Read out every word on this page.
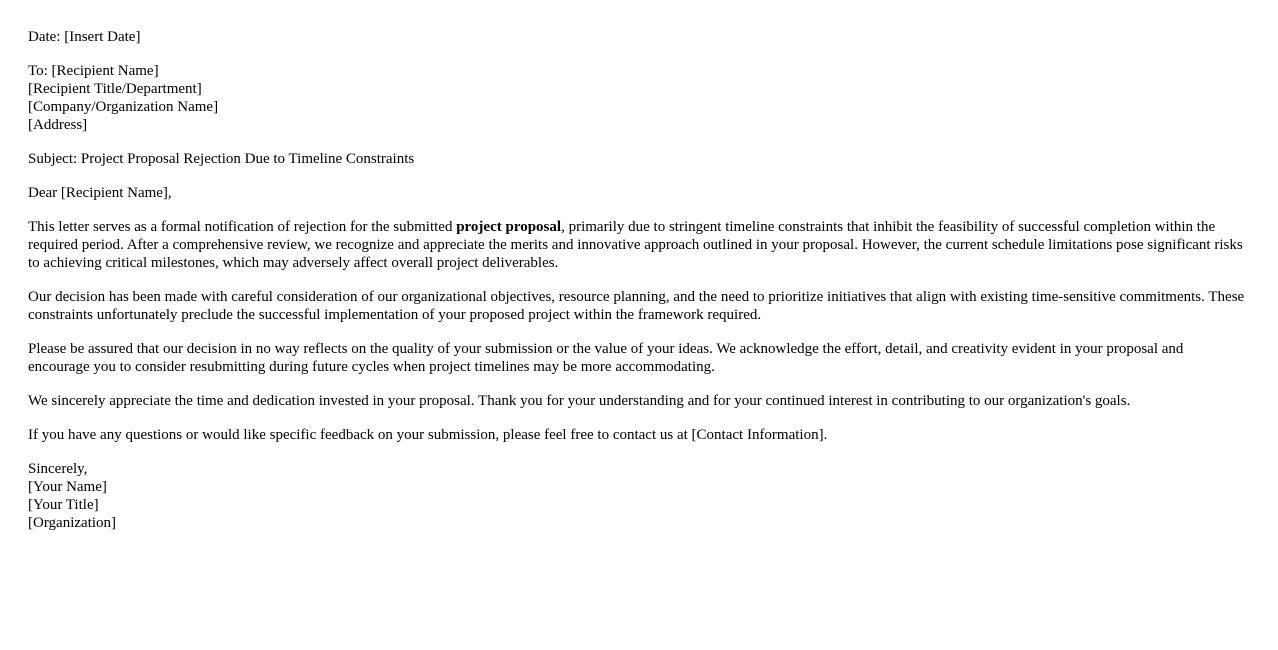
Date: [Insert Date]
To: [Recipient Name]
[Recipient Title/Department]
[Company/Organization Name]
[Address]
Subject: Project Proposal Rejection Due to Timeline Constraints
Dear [Recipient Name],

This letter serves as a formal notification of rejection for the submitted project proposal, primarily due to stringent timeline constraints that inhibit the feasibility of successful completion within the required period. After a comprehensive review, we recognize and appreciate the merits and innovative approach outlined in your proposal. However, the current schedule limitations pose significant risks to achieving critical milestones, which may adversely affect overall project deliverables.

Our decision has been made with careful consideration of our organizational objectives, resource planning, and the need to prioritize initiatives that align with existing time-sensitive commitments. These constraints unfortunately preclude the successful implementation of your proposed project within the framework required.

Please be assured that our decision in no way reflects on the quality of your submission or the value of your ideas. We acknowledge the effort, detail, and creativity evident in your proposal and encourage you to consider resubmitting during future cycles when project timelines may be more accommodating.

We sincerely appreciate the time and dedication invested in your proposal. Thank you for your understanding and for your continued interest in contributing to our organization's goals.

If you have any questions or would like specific feedback on your submission, please feel free to contact us at [Contact Information].

Sincerely,
[Your Name]
[Your Title]
[Organization]
